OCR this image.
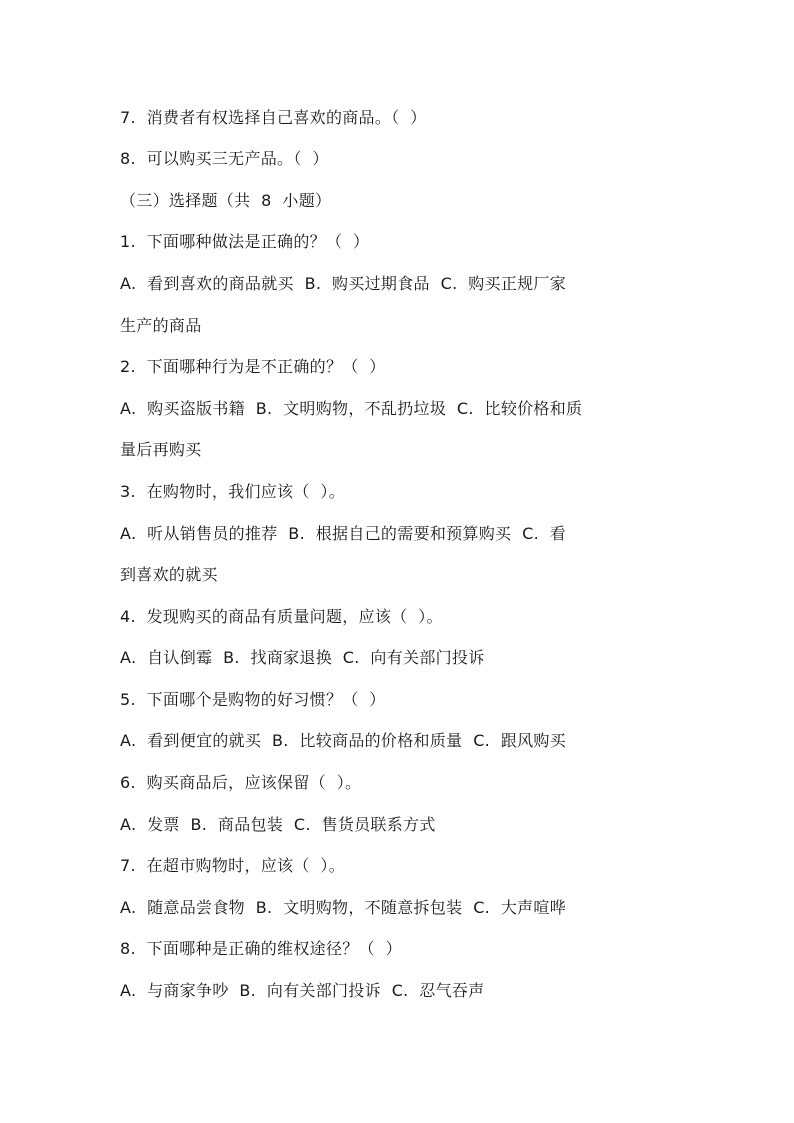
7.  消费者有权选择自己喜欢的商品。（  ）
8.  可以购买三无产品。（  ）
（三）选择题（共  8  小题）
1.  下面哪种做法是正确的？（  ）
A.  看到喜欢的商品就买  B.  购买过期食品  C.  购买正规厂家
生产的商品
2.  下面哪种行为是不正确的？（  ）
A.  购买盗版书籍  B.  文明购物，不乱扔垃圾  C.  比较价格和质
量后再购买
3.  在购物时，我们应该（  ）。
A.  听从销售员的推荐  B.  根据自己的需要和预算购买  C.  看
到喜欢的就买
4.  发现购买的商品有质量问题，应该（  ）。
A.  自认倒霉  B.  找商家退换  C.  向有关部门投诉
5.  下面哪个是购物的好习惯？（  ）
A.  看到便宜的就买  B.  比较商品的价格和质量  C.  跟风购买
6.  购买商品后，应该保留（  ）。
A.  发票  B.  商品包装  C.  售货员联系方式
7.  在超市购物时，应该（  ）。
A.  随意品尝食物  B.  文明购物，不随意拆包装  C.  大声喧哗
8.  下面哪种是正确的维权途径？（  ）
A.  与商家争吵  B.  向有关部门投诉  C.  忍气吞声
